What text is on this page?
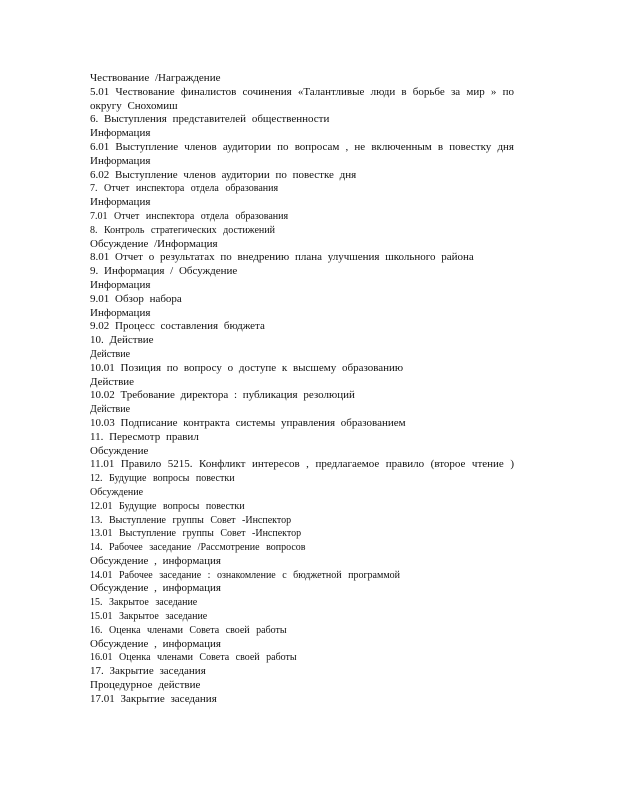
Чествование /Награждение
5.01 Чествование финалистов сочинения «Талантливые люди в борьбе за мир » по
округу Снохомиш
6. Выступления представителей общественности
Информация
6.01 Выступление членов аудитории по вопросам , не включенным в повестку дня
Информация
6.02 Выступление членов аудитории по повестке дня
7. Отчет инспектора отдела образования
Информация
7.01 Отчет инспектора отдела образования
8. Контроль стратегических достижений
Обсуждение /Информация
8.01 Отчет о результатах по внедрению плана улучшения школьного района
9. Информация / Обсуждение
Информация
9.01 Обзор набора
Информация
9.02 Процесс составления бюджета
10. Действие
Действие
10.01 Позиция по вопросу о доступе к высшему образованию
Действие
10.02 Требование директора : публикация резолюций
Действие
10.03 Подписание контракта системы управления образованием
11. Пересмотр правил
Обсуждение
11.01 Правило 5215. Конфликт интересов , предлагаемое правило (второе чтение )
12. Будущие вопросы повестки
Обсуждение
12.01 Будущие вопросы повестки
13. Выступление группы Совет -Инспектор
13.01 Выступление группы Совет -Инспектор
14. Рабочее заседание /Рассмотрение вопросов
Обсуждение , информация
14.01 Рабочее заседание : ознакомление с бюджетной программой
Обсуждение , информация
15. Закрытое заседание
15.01 Закрытое заседание
16. Оценка членами Совета своей работы
Обсуждение , информация
16.01 Оценка членами Совета своей работы
17. Закрытие заседания
Процедурное действие
17.01 Закрытие заседания
